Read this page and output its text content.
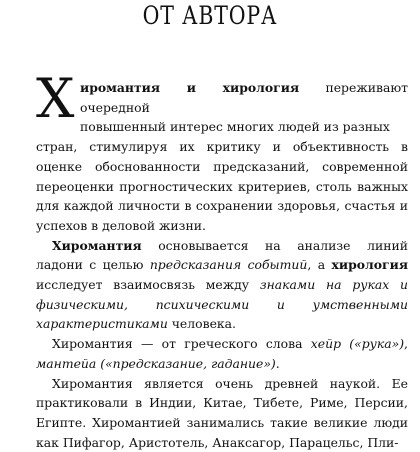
ОТ АВТОРА
Х иромантия и хирология переживают очередной
повышенный интерес многих людей из разных

стран, стимулируя их критику и объективность в оценке обоснованности предсказаний, современной переоценки прогностических критериев, столь важных для каждой личности в сохранении здоровья, счастья и успехов в деловой жизни.

Хиромантия основывается на анализе линий ладони с целью предсказания событий, а хирология исследует взаимосвязь между знаками на руках и физическими, психическими и умственными характеристиками человека.

Хиромантия — от греческого слова хейр («рука»), мантейа («предсказание, гадание»).

Хиромантия является очень древней наукой. Ее практиковали в Индии, Китае, Тибете, Риме, Персии, Египте. Хиромантией занимались такие великие люди как Пифагор, Аристотель, Анаксагор, Парацельс, Пли-
